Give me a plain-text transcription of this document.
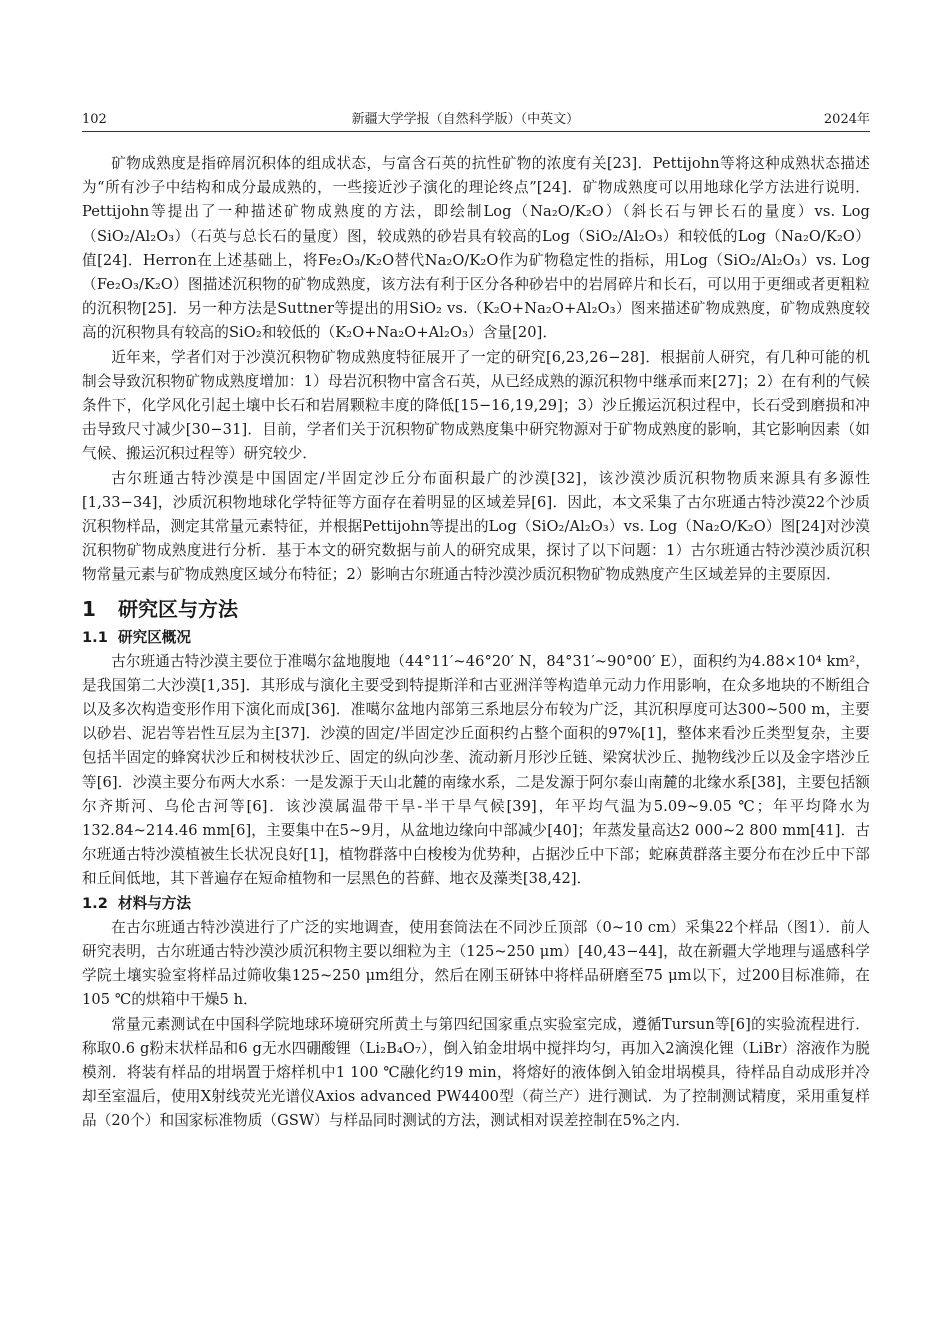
102	新疆大学学报（自然科学版）（中英文）	2024年

矿物成熟度是指碎屑沉积体的组成状态，与富含石英的抗性矿物的浓度有关[23]．Pettijohn等将这种成熟状态描述为“所有沙子中结构和成分最成熟的，一些接近沙子演化的理论终点”[24]．矿物成熟度可以用地球化学方法进行说明．Pettijohn等提出了一种描述矿物成熟度的方法，即绘制Log（Na₂O/K₂O）（斜长石与钾长石的量度）vs. Log（SiO₂/Al₂O₃）（石英与总长石的量度）图，较成熟的砂岩具有较高的Log（SiO₂/Al₂O₃）和较低的Log（Na₂O/K₂O）值[24]．Herron在上述基础上，将Fe₂O₃/K₂O替代Na₂O/K₂O作为矿物稳定性的指标，用Log（SiO₂/Al₂O₃）vs. Log（Fe₂O₃/K₂O）图描述沉积物的矿物成熟度，该方法有利于区分各种砂岩中的岩屑碎片和长石，可以用于更细或者更粗粒的沉积物[25]．另一种方法是Suttner等提出的用SiO₂ vs.（K₂O+Na₂O+Al₂O₃）图来描述矿物成熟度，矿物成熟度较高的沉积物具有较高的SiO₂和较低的（K₂O+Na₂O+Al₂O₃）含量[20]．

近年来，学者们对于沙漠沉积物矿物成熟度特征展开了一定的研究[6,23,26−28]．根据前人研究，有几种可能的机制会导致沉积物矿物成熟度增加：1）母岩沉积物中富含石英，从已经成熟的源沉积物中继承而来[27]；2）在有利的气候条件下，化学风化引起土壤中长石和岩屑颗粒丰度的降低[15−16,19,29]；3）沙丘搬运沉积过程中，长石受到磨损和冲击导致尺寸减少[30−31]．目前，学者们关于沉积物矿物成熟度集中研究物源对于矿物成熟度的影响，其它影响因素（如气候、搬运沉积过程等）研究较少．

古尔班通古特沙漠是中国固定/半固定沙丘分布面积最广的沙漠[32]，该沙漠沙质沉积物物质来源具有多源性[1,33−34]，沙质沉积物地球化学特征等方面存在着明显的区域差异[6]．因此，本文采集了古尔班通古特沙漠22个沙质沉积物样品，测定其常量元素特征，并根据Pettijohn等提出的Log（SiO₂/Al₂O₃）vs. Log（Na₂O/K₂O）图[24]对沙漠沉积物矿物成熟度进行分析．基于本文的研究数据与前人的研究成果，探讨了以下问题：1）古尔班通古特沙漠沙质沉积物常量元素与矿物成熟度区域分布特征；2）影响古尔班通古特沙漠沙质沉积物矿物成熟度产生区域差异的主要原因．

1 研究区与方法
1.1 研究区概况

古尔班通古特沙漠主要位于准噶尔盆地腹地（44°11′~46°20′ N，84°31′~90°00′ E），面积约为4.88×10⁴ km²，是我国第二大沙漠[1,35]．其形成与演化主要受到特提斯洋和古亚洲洋等构造单元动力作用影响，在众多地块的不断组合以及多次构造变形作用下演化而成[36]．准噶尔盆地内部第三系地层分布较为广泛，其沉积厚度可达300~500 m，主要以砂岩、泥岩等岩性互层为主[37]．沙漠的固定/半固定沙丘面积约占整个面积的97%[1]，整体来看沙丘类型复杂，主要包括半固定的蜂窝状沙丘和树枝状沙丘、固定的纵向沙垄、流动新月形沙丘链、梁窝状沙丘、抛物线沙丘以及金字塔沙丘等[6]．沙漠主要分布两大水系：一是发源于天山北麓的南缘水系，二是发源于阿尔泰山南麓的北缘水系[38]，主要包括额尔齐斯河、乌伦古河等[6]．该沙漠属温带干旱-半干旱气候[39]，年平均气温为5.09~9.05 ℃；年平均降水为132.84~214.46 mm[6]，主要集中在5~9月，从盆地边缘向中部减少[40]；年蒸发量高达2 000~2 800 mm[41]．古尔班通古特沙漠植被生长状况良好[1]，植物群落中白梭梭为优势种，占据沙丘中下部；蛇麻黄群落主要分布在沙丘中下部和丘间低地，其下普遍存在短命植物和一层黑色的苔藓、地衣及藻类[38,42]．

1.2 材料与方法

在古尔班通古特沙漠进行了广泛的实地调查，使用套筒法在不同沙丘顶部（0~10 cm）采集22个样品（图1）．前人研究表明，古尔班通古特沙漠沙质沉积物主要以细粒为主（125~250 μm）[40,43−44]，故在新疆大学地理与遥感科学学院土壤实验室将样品过筛收集125~250 μm组分，然后在刚玉研钵中将样品研磨至75 μm以下，过200目标准筛，在105 ℃的烘箱中干燥5 h．

常量元素测试在中国科学院地球环境研究所黄土与第四纪国家重点实验室完成，遵循Tursun等[6]的实验流程进行．称取0.6 g粉末状样品和6 g无水四硼酸锂（Li₂B₄O₇），倒入铂金坩埚中搅拌均匀，再加入2滴溴化锂（LiBr）溶液作为脱模剂．将装有样品的坩埚置于熔样机中1 100 ℃融化约19 min，将熔好的液体倒入铂金坩埚模具，待样品自动成形并冷却至室温后，使用X射线荧光光谱仪Axios advanced PW4400型（荷兰产）进行测试．为了控制测试精度，采用重复样品（20个）和国家标准物质（GSW）与样品同时测试的方法，测试相对误差控制在5%之内．
